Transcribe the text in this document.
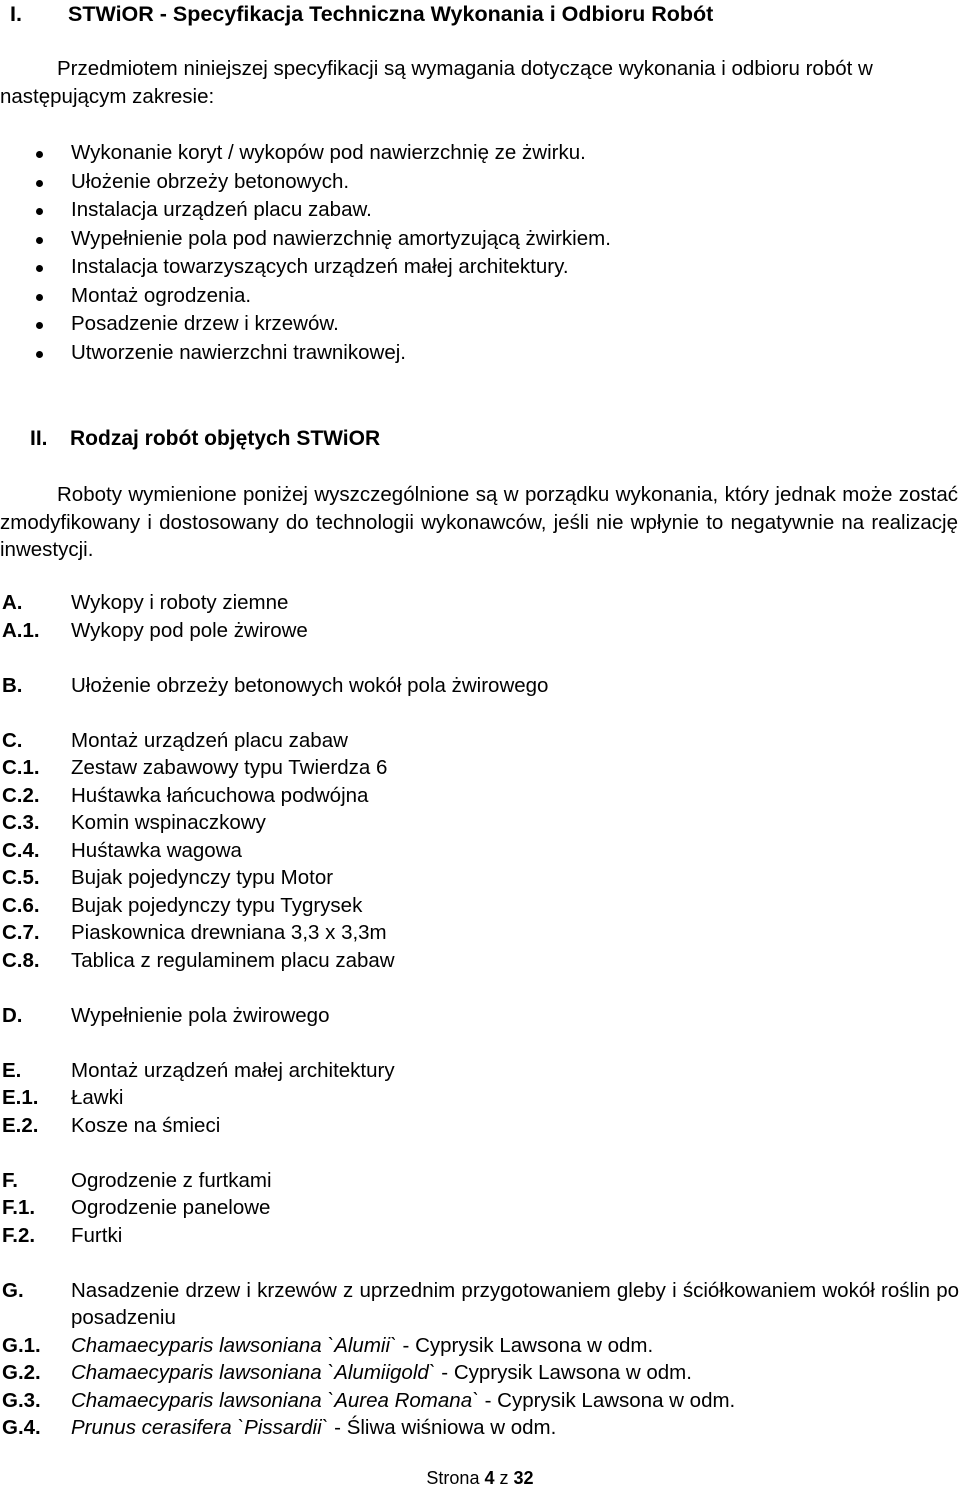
I. STWiOR - Specyfikacja Techniczna Wykonania i Odbioru Robót
Przedmiotem niniejszej specyfikacji są wymagania dotyczące wykonania i odbioru robót w następującym zakresie:
Wykonanie koryt / wykopów pod nawierzchnię ze żwirku.
Ułożenie obrzeży betonowych.
Instalacja urządzeń placu zabaw.
Wypełnienie pola pod nawierzchnię amortyzującą żwirkiem.
Instalacja towarzyszących urządzeń małej architektury.
Montaż ogrodzenia.
Posadzenie drzew i krzewów.
Utworzenie nawierzchni trawnikowej.
II. Rodzaj robót objętych STWiOR
Roboty wymienione poniżej wyszczególnione są w porządku wykonania, który jednak może zostać zmodyfikowany i dostosowany do technologii wykonawców, jeśli nie wpłynie to negatywnie na realizację inwestycji.
A. Wykopy i roboty ziemne
A.1. Wykopy pod pole żwirowe
B. Ułożenie obrzeży betonowych wokół pola żwirowego
C. Montaż urządzeń placu zabaw
C.1. Zestaw zabawowy typu Twierdza 6
C.2. Huśtawka łańcuchowa podwójna
C.3. Komin wspinaczkowy
C.4. Huśtawka wagowa
C.5. Bujak pojedynczy typu Motor
C.6. Bujak pojedynczy typu Tygrysek
C.7. Piaskownica drewniana 3,3 x 3,3m
C.8. Tablica z regulaminem placu zabaw
D. Wypełnienie pola żwirowego
E. Montaż urządzeń małej architektury
E.1. Ławki
E.2. Kosze na śmieci
F.	Ogrodzenie z furtkami
F.1. Ogrodzenie panelowe
F.2. Furtki
G. Nasadzenie drzew i krzewów z uprzednim przygotowaniem gleby i ściółkowaniem wokół roślin po posadzeniu
G.1. Chamaecyparis lawsoniana `Alumii` - Cyprysik Lawsona w odm.
G.2. Chamaecyparis lawsoniana `Alumiigold` - Cyprysik Lawsona w odm.
G.3. Chamaecyparis lawsoniana `Aurea Romana` - Cyprysik Lawsona w odm.
G.4. Prunus cerasifera `Pissardii` - Śliwa wiśniowa w odm.
Strona 4 z 32
